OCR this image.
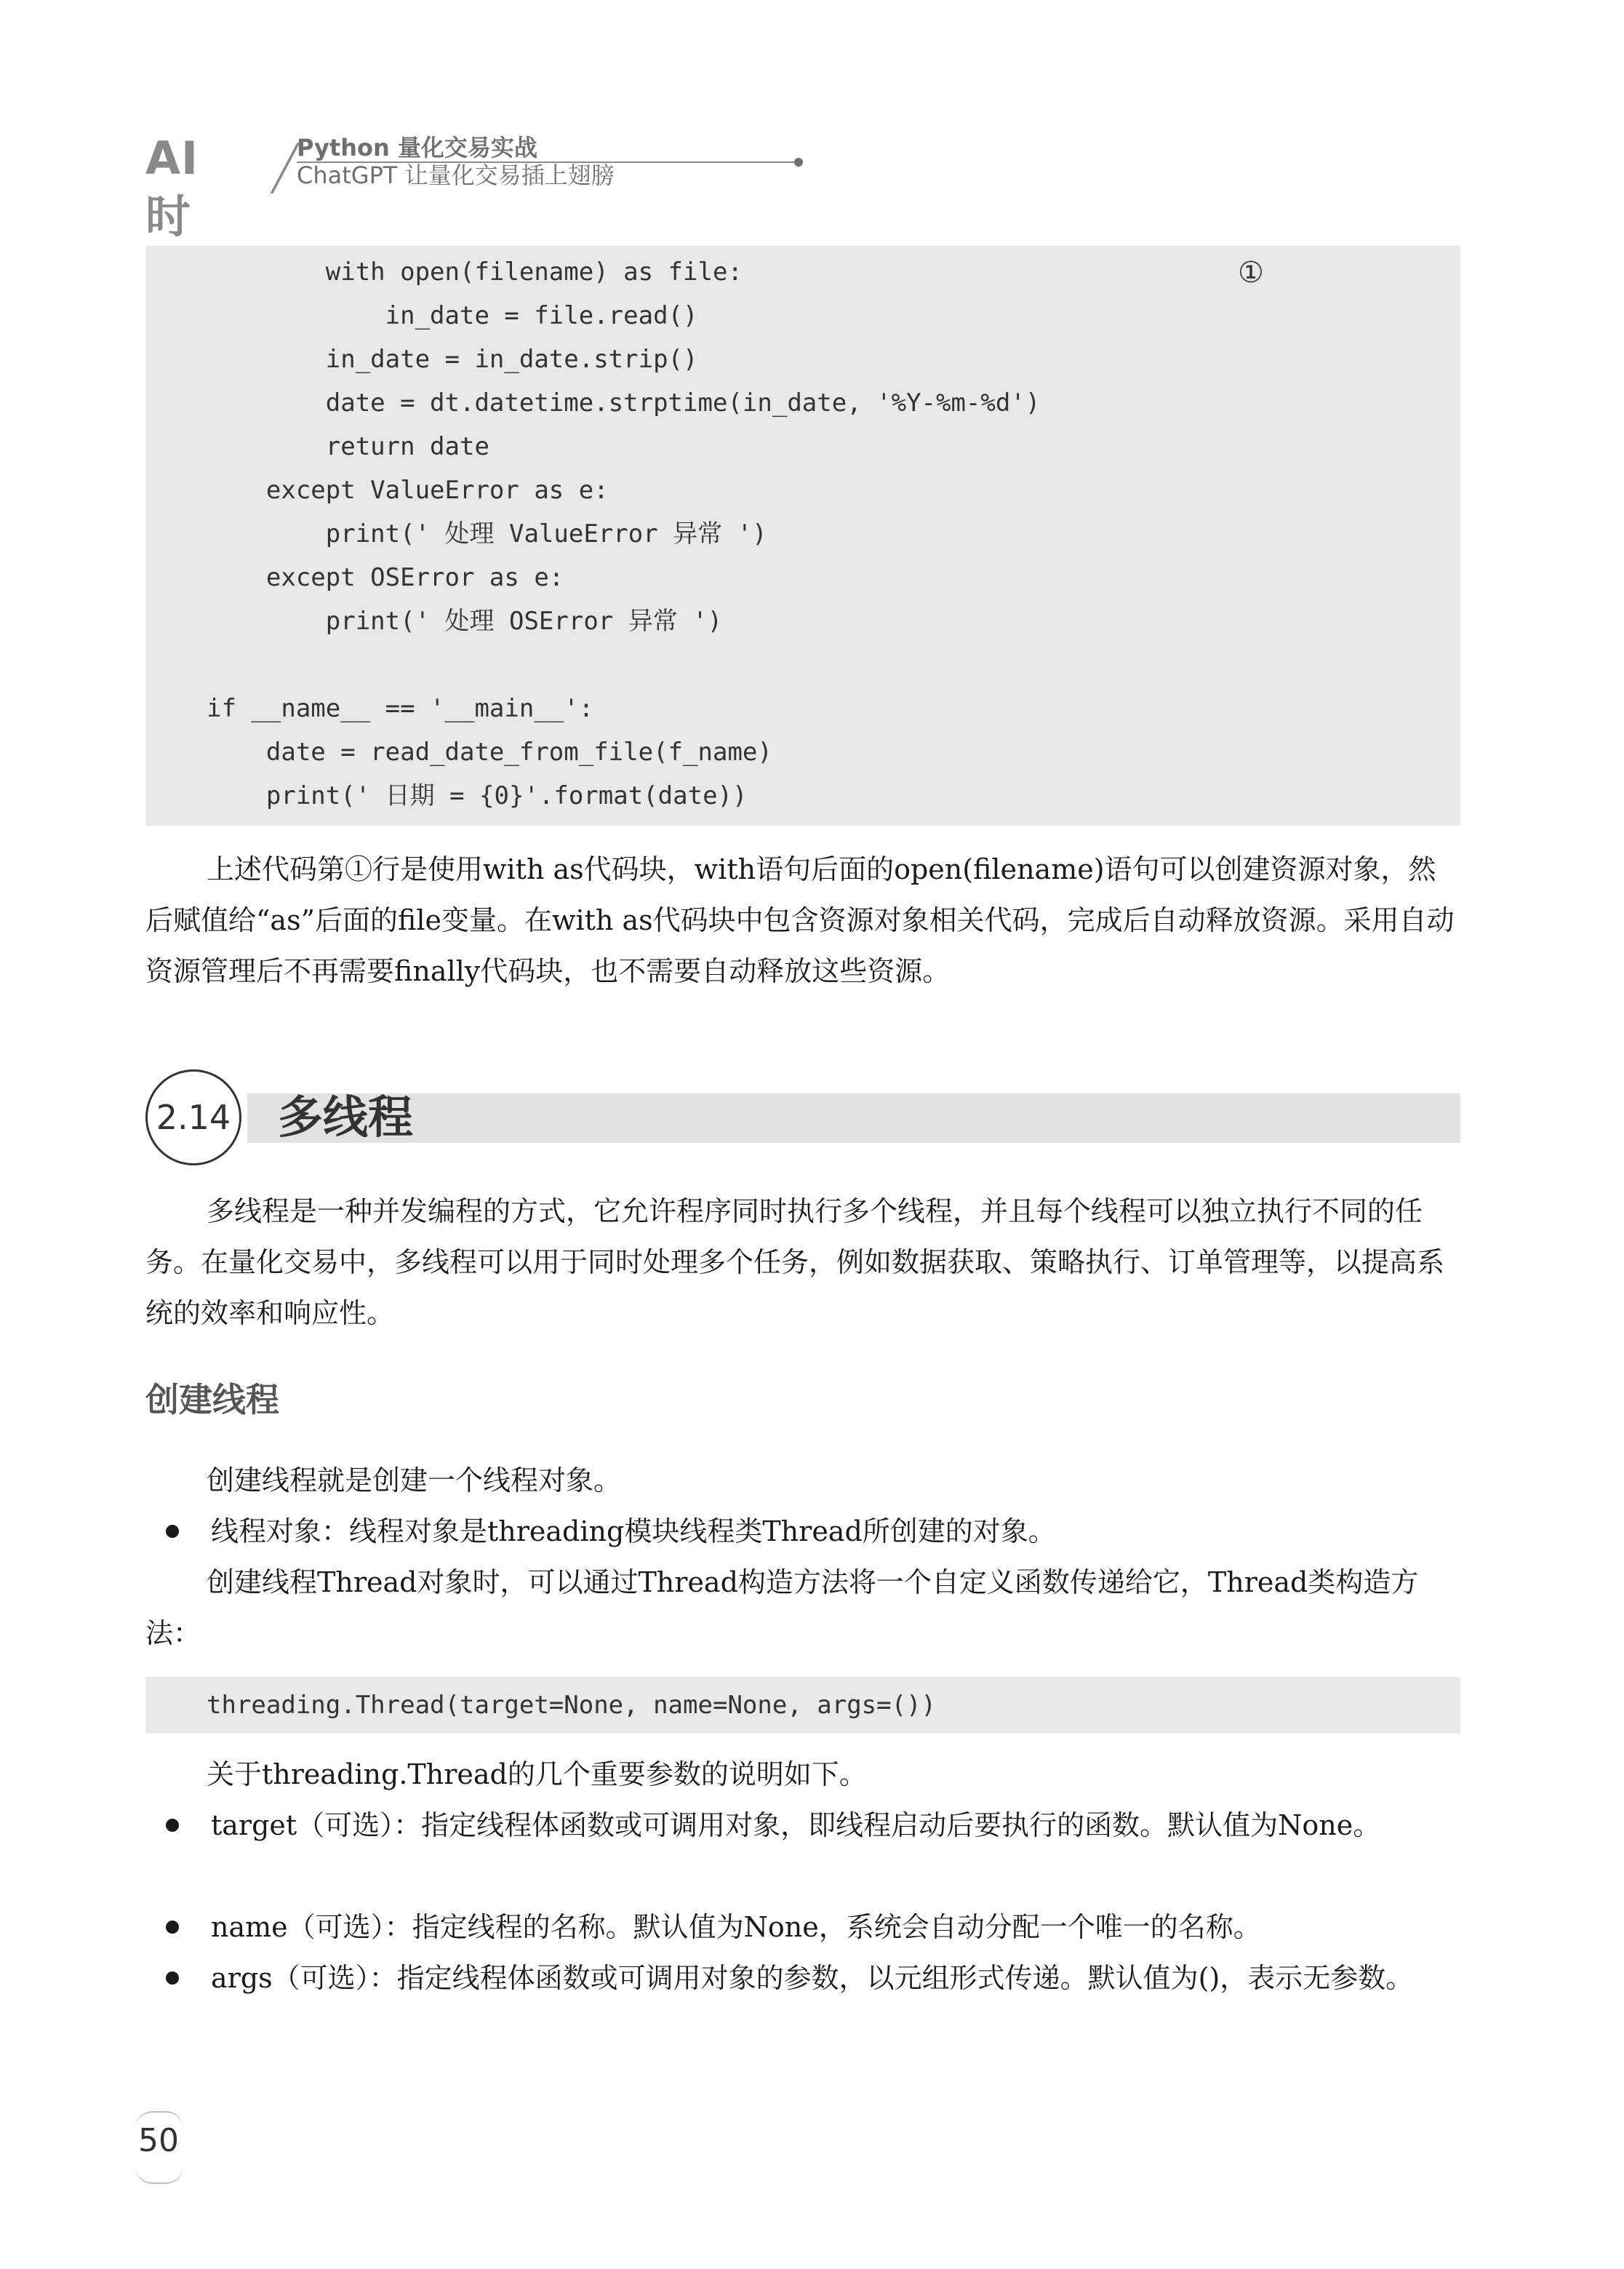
AI时
Python 量化交易实战
ChatGPT 让量化交易插上翅膀
with open(filename) as file:
in_date = file.read()
in_date = in_date.strip()
date = dt.datetime.strptime(in_date, '%Y-%m-%d')
return date
except ValueError as e:
print(' 处理 ValueError 异常 ')
except OSError as e:
print(' 处理 OSError 异常 ')
if __name__ == '__main__':
date = read_date_from_file(f_name)
print(' 日期 = {0}'.format(date))
①
上述代码第①行是使用with as代码块，with语句后面的open(filename)语句可以创建资源对象，然后赋值给“as”后面的file变量。在with as代码块中包含资源对象相关代码，完成后自动释放资源。采用自动资源管理后不再需要finally代码块，也不需要自动释放这些资源。
2.14 多线程
多线程是一种并发编程的方式，它允许程序同时执行多个线程，并且每个线程可以独立执行不同的任务。在量化交易中，多线程可以用于同时处理多个任务，例如数据获取、策略执行、订单管理等，以提高系统的效率和响应性。
创建线程
创建线程就是创建一个线程对象。
线程对象：线程对象是threading模块线程类Thread所创建的对象。
创建线程Thread对象时，可以通过Thread构造方法将一个自定义函数传递给它，Thread类构造方法：
threading.Thread(target=None, name=None, args=())
关于threading.Thread的几个重要参数的说明如下。
target（可选）：指定线程体函数或可调用对象，即线程启动后要执行的函数。默认值为None。
name（可选）：指定线程的名称。默认值为None，系统会自动分配一个唯一的名称。
args（可选）：指定线程体函数或可调用对象的参数，以元组形式传递。默认值为()，表示无参数。
50
